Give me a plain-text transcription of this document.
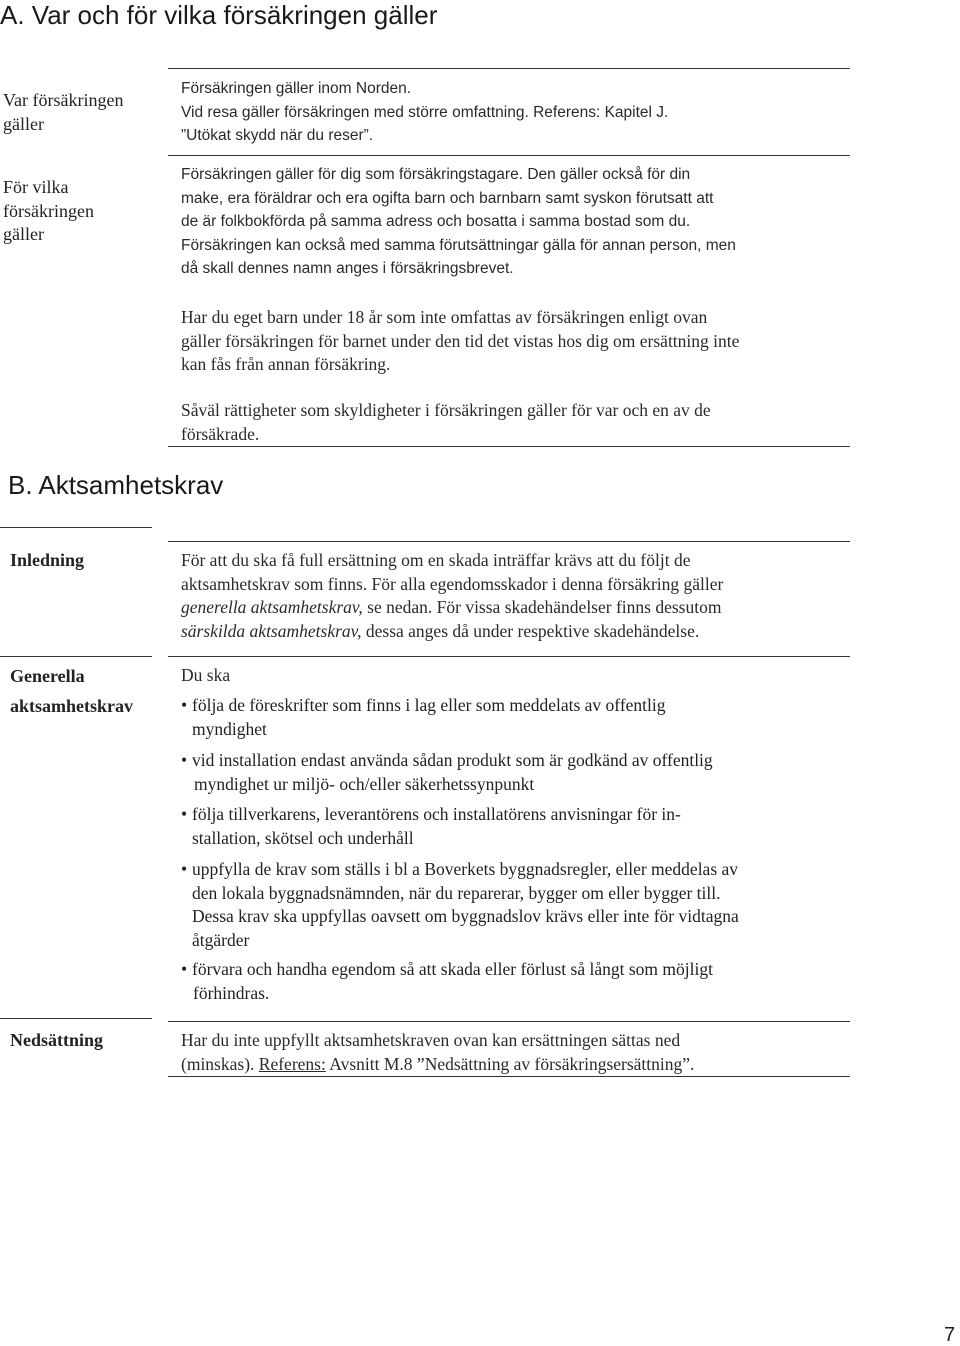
A. Var och för vilka försäkringen gäller
Var försäkringen
gäller

Försäkringen gäller inom Norden.

Vid resa gäller försäkringen med större omfattning. Referens: Kapitel J.

”Utökat skydd när du reser”.

För vilka
försäkringen
gäller

Försäkringen gäller för dig som försäkringstagare. Den gäller också för din

make, era föräldrar och era ogifta barn och barnbarn samt syskon förutsatt att

de är folkbokförda på samma adress och bosatta i samma bostad som du.

Försäkringen kan också med samma förutsättningar gälla för annan person, men

då skall dennes namn anges i försäkringsbrevet.

Har du eget barn under 18 år som inte omfattas av försäkringen enligt ovan

gäller försäkringen för barnet under den tid det vistas hos dig om ersättning inte

kan fås från annan försäkring.

Såväl rättigheter som skyldigheter i försäkringen gäller för var och en av de

försäkrade.

B. Aktsamhetskrav
Inledning	För att du ska få full ersättning om en skada inträffar krävs att du följt de

aktsamhetskrav som finns. För alla egendomsskador i denna försäkring gäller

generella aktsamhetskrav, se nedan. För vissa skadehändelser finns dessutom

särskilda aktsamhetskrav, dessa anges då under respektive skadehändelse.

Generella
aktsamhetskrav
Du ska
• följa de föreskrifter som finns i lag eller som meddelats av offentlig

myndighet

• vid installation endast använda sådan produkt som är godkänd av offentlig

myndighet ur miljö- och/eller säkerhetssynpunkt

• följa tillverkarens, leverantörens och installatörens anvisningar för in-

stallation, skötsel och underhåll

• uppfylla de krav som ställs i bl a Boverkets byggnadsregler, eller meddelas av

den lokala byggnadsnämnden, när du reparerar, bygger om eller bygger till.

Dessa krav ska uppfyllas oavsett om byggnadslov krävs eller inte för vidtagna

åtgärder

• förvara och handha egendom så att skada eller förlust så långt som möjligt

förhindras.

Nedsättning	Har du inte uppfyllt aktsamhetskraven ovan kan ersättningen sättas ned

(minskas). Referens: Avsnitt M.8 ”Nedsättning av försäkringsersättning”.

7
